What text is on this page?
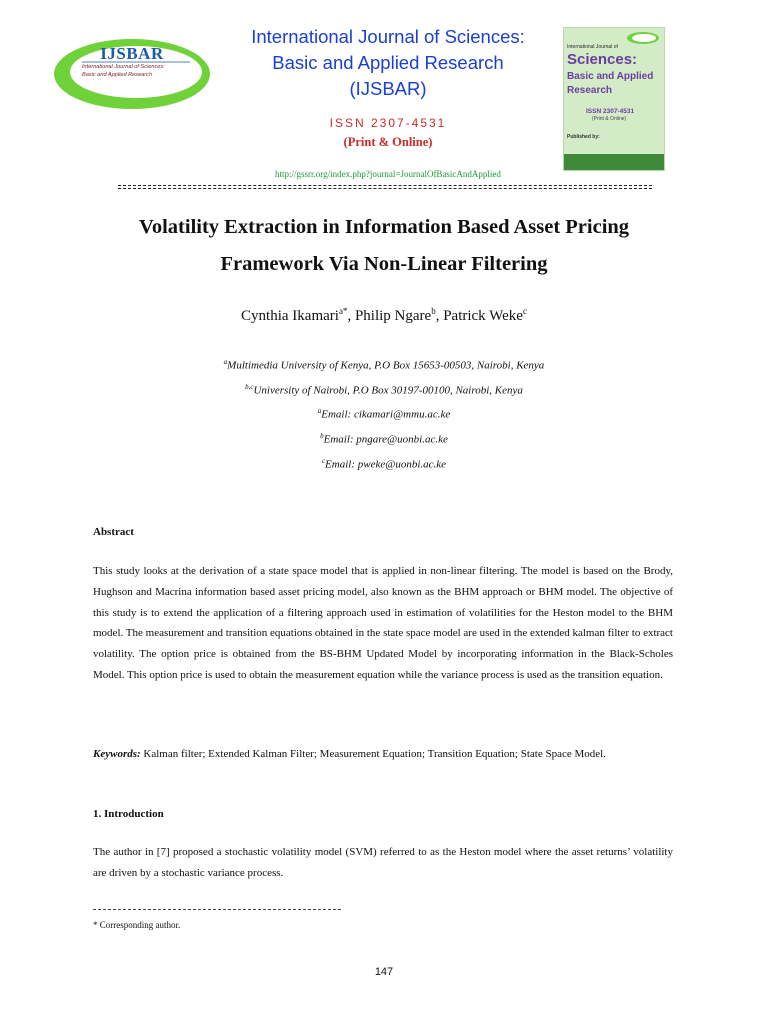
IJSBAR
International Journal of Sciences:
Basic and Applied Research
International Journal of Sciences:
Basic and Applied Research
(IJSBAR)
ISSN 2307-4531
(Print & Online)
http://gssrr.org/index.php?journal=JournalOfBasicAndApplied
International Journal of
Sciences:
Basic and Applied
Research
ISSN 2307-4531
(Print & Online)
Published by:
Volatility Extraction in Information Based Asset Pricing
Framework Via Non-Linear Filtering
Cynthia Ikamari$^{a*}$, Philip Ngare$^b$, Patrick Weke$^c$
$^a$Multimedia University of Kenya, P.O Box 15653-00503, Nairobi, Kenya
$^{b,c}$University of Nairobi, P.O Box 30197-00100, Nairobi, Kenya
$^a$Email: cikamari@mmu.ac.ke
$^b$Email: pngare@uonbi.ac.ke
$^c$Email: pweke@uonbi.ac.ke
Abstract
This study looks at the derivation of a state space model that is applied in non-linear filtering. The model is based on the Brody, Hughson and Macrina information based asset pricing model, also known as the BHM approach or BHM model. The objective of this study is to extend the application of a filtering approach used in estimation of volatilities for the Heston model to the BHM model. The measurement and transition equations obtained in the state space model are used in the extended kalman filter to extract volatility. The option price is obtained from the BS-BHM Updated Model by incorporating information in the Black-Scholes Model. This option price is used to obtain the measurement equation while the variance process is used as the transition equation.
Keywords: Kalman filter; Extended Kalman Filter; Measurement Equation; Transition Equation; State Space Model.
1. Introduction
The author in [7] proposed a stochastic volatility model (SVM) referred to as the Heston model where the asset returns’ volatility are driven by a stochastic variance process.
* Corresponding author.
147
